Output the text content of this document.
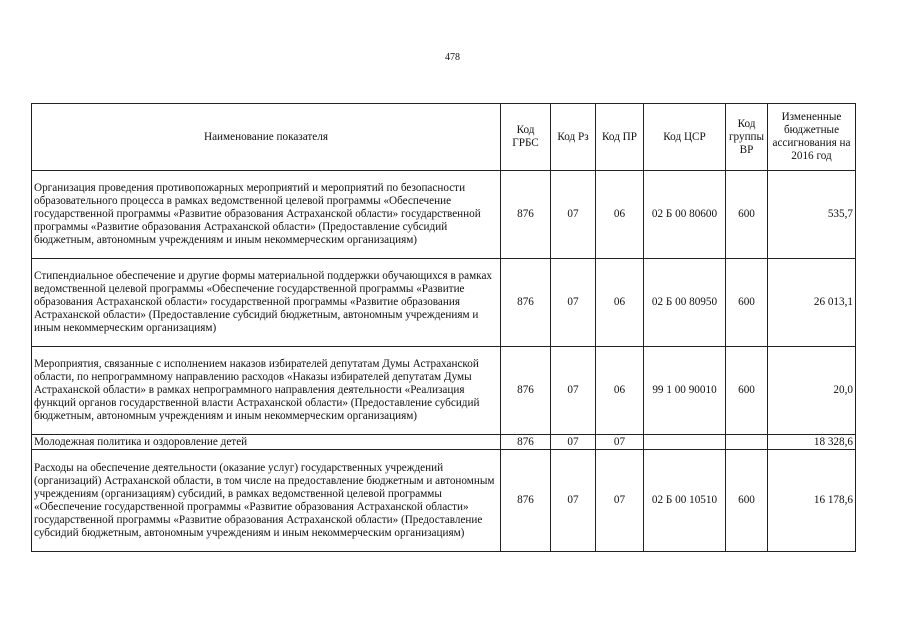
478
Наименование показателя	Код ГРБС	Код Рз	Код ПР	Код ЦСР	Код группы ВР	Измененные бюджетные ассигнования на 2016 год
Организация проведения противопожарных мероприятий и мероприятий по безопасности образовательного процесса в рамках ведомственной целевой программы «Обеспечение государственной программы «Развитие образования Астраханской области» государственной программы «Развитие образования Астраханской области» (Предоставление субсидий бюджетным, автономным учреждениям и иным некоммерческим организациям)	876	07	06	02 Б 00 80600	600	535,7
Стипендиальное обеспечение и другие формы материальной поддержки обучающихся в рамках ведомственной целевой программы «Обеспечение государственной программы «Развитие образования Астраханской области» государственной программы «Развитие образования Астраханской области» (Предоставление субсидий бюджетным, автономным учреждениям и иным некоммерческим организациям)	876	07	06	02 Б 00 80950	600	26 013,1
Мероприятия, связанные с исполнением наказов избирателей депутатам Думы Астраханской области, по непрограммному направлению расходов «Наказы избирателей депутатам Думы Астраханской области» в рамках непрограммного направления деятельности «Реализация функций органов государственной власти Астраханской области» (Предоставление субсидий бюджетным, автономным учреждениям и иным некоммерческим организациям)	876	07	06	99 1 00 90010	600	20,0
Молодежная политика и оздоровление детей	876	07	07			18 328,6
Расходы на обеспечение деятельности (оказание услуг) государственных учреждений (организаций) Астраханской области, в том числе на предоставление бюджетным и автономным учреждениям (организациям) субсидий, в рамках ведомственной целевой программы «Обеспечение государственной программы «Развитие образования Астраханской области» государственной программы «Развитие образования Астраханской области» (Предоставление субсидий бюджетным, автономным учреждениям и иным некоммерческим организациям)	876	07	07	02 Б 00 10510	600	16 178,6
